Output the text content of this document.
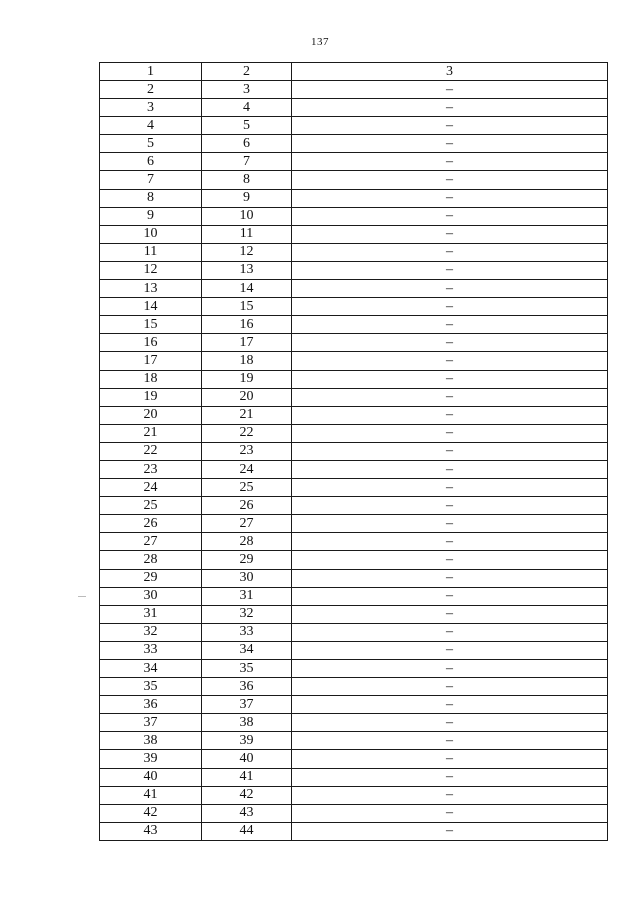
137
1	2	3
2	3	–
3	4	–
4	5	–
5	6	–
6	7	–
7	8	–
8	9	–
9	10	–
10	11	–
11	12	–
12	13	–
13	14	–
14	15	–
15	16	–
16	17	–
17	18	–
18	19	–
19	20	–
20	21	–
21	22	–
22	23	–
23	24	–
24	25	–
25	26	–
26	27	–
27	28	–
28	29	–
29	30	–
30	31	–
31	32	–
32	33	–
33	34	–
34	35	–
35	36	–
36	37	–
37	38	–
38	39	–
39	40	–
40	41	–
41	42	–
42	43	–
43	44	–
